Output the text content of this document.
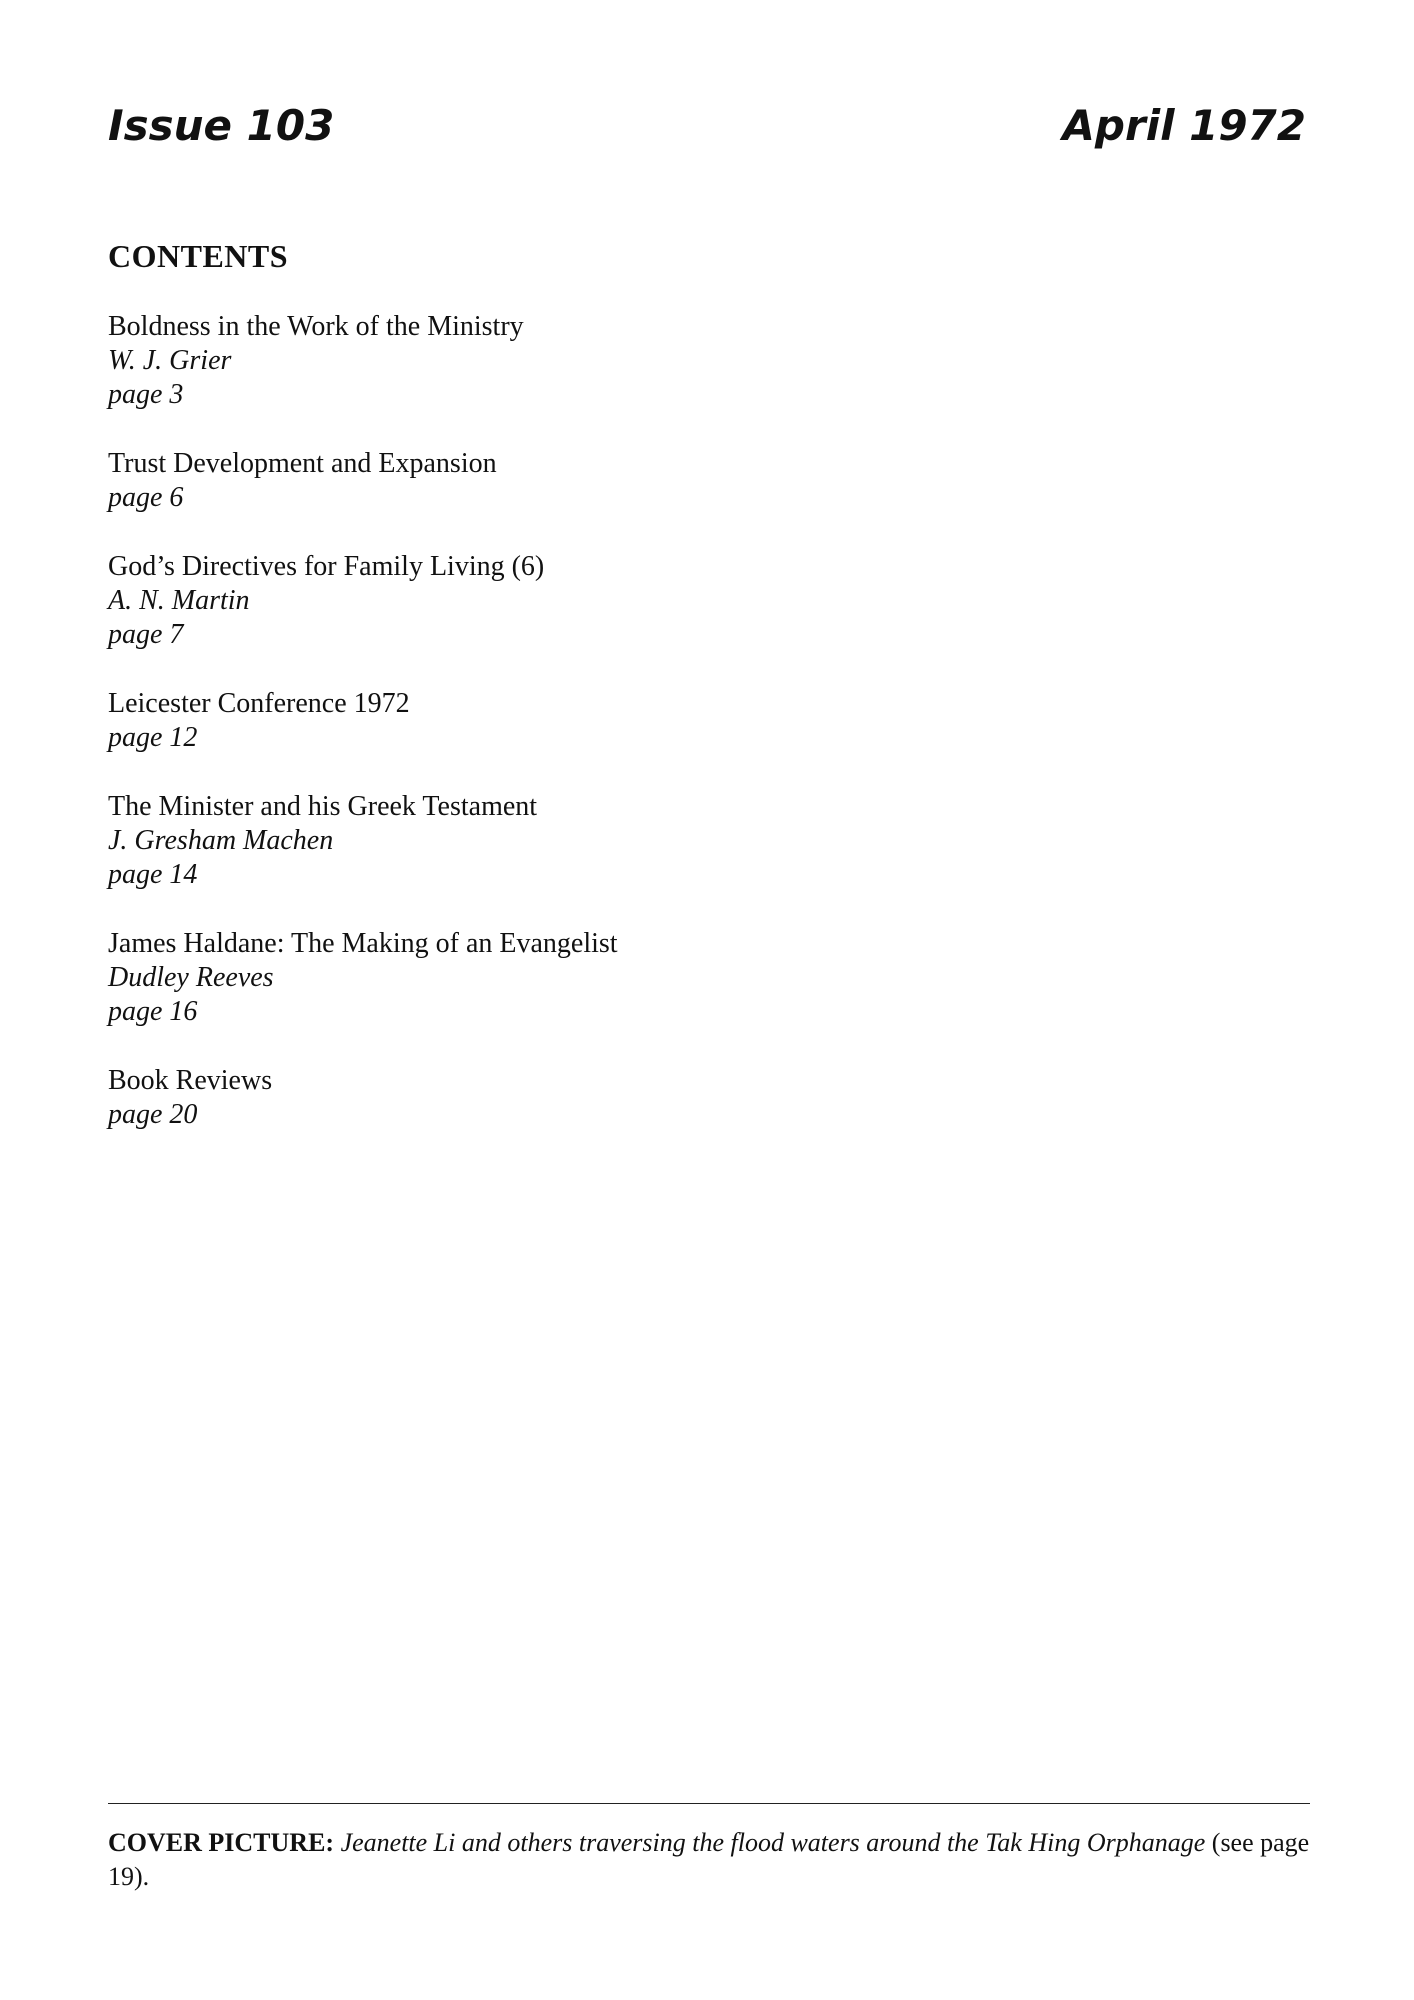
Issue 103	April 1972
CONTENTS
Boldness in the Work of the Ministry
W. J. Grier
page 3
Trust Development and Expansion
page 6
God’s Directives for Family Living (6)
A. N. Martin
page 7
Leicester Conference 1972
page 12
The Minister and his Greek Testament
J. Gresham Machen
page 14
James Haldane: The Making of an Evangelist
Dudley Reeves
page 16
Book Reviews
page 20
COVER PICTURE: Jeanette Li and others traversing the flood waters around the Tak Hing Orphanage (see page 19).
